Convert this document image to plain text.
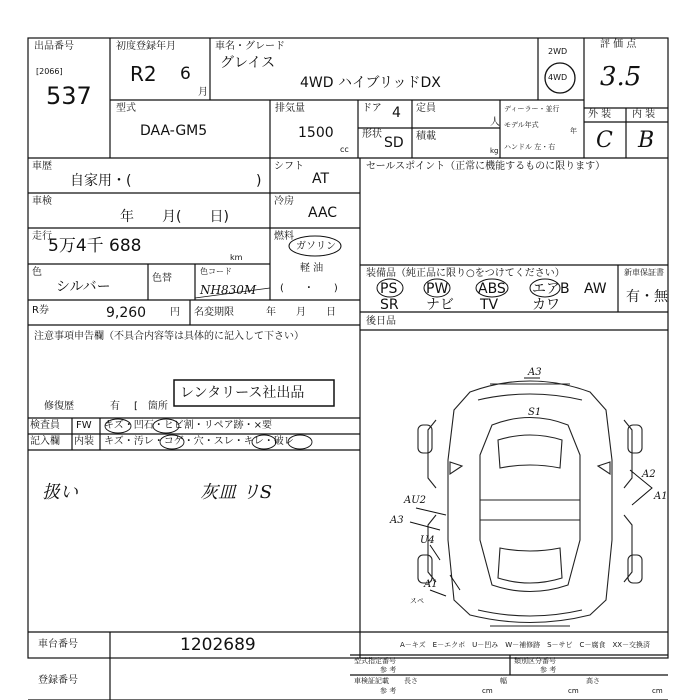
出品番号
[2066]
537
初度登録年月
R2 6
月
車名・グレード
グレイス
4WD ハイブリッドDX
2WD
4WD
評 価 点
3.5
型式
DAA-GM5
排気量
1500
cc
ドア 4
形状
SD
定員
人
積載
kg
ディーラー・並行
モデル年式
年
ハンドル 左・右
外 装 内 装
C B
車歴
自家用・(	)
車検
年　　月(　　日)
走行
5万4千 688
km
色
シルバー
色替
色コード
NH830M
R券	9,260 円 名変期限	年　　月　　日
シフト
AT
冷房
AAC
燃料
ガソリン
軽 油
(　　・　　)
セールスポイント（正常に機能するものに限ります）
装備品（純正品に限り○をつけてください）	新車保証書
有・無
PS PW ABS エアB AW
SR ナビ TV カワ
後日品
注意事項申告欄（不具合内容等は具体的に記入して下さい）
修復歴	有 [　箇所
レンタリース社出品
検査員
記入欄
FW キズ・凹石・ヒビ割・リペア跡・×要
内装 キズ・汚レ・コゲ・穴・スレ・キレ・破レ
扱い	灰皿 リS
A3
S1
A2
A1
AU2
A3
U4
A1
スペ
車台番号	1202689
登録番号
A－キズ　E－エクボ　U－凹み　W－補修跡　S－サビ　C－腐食　XX－交換済
型式指定番号	類別区分番号
参 考	参 考
車検証記載
参 考
長さ
cm
幅
cm
高さ
cm
